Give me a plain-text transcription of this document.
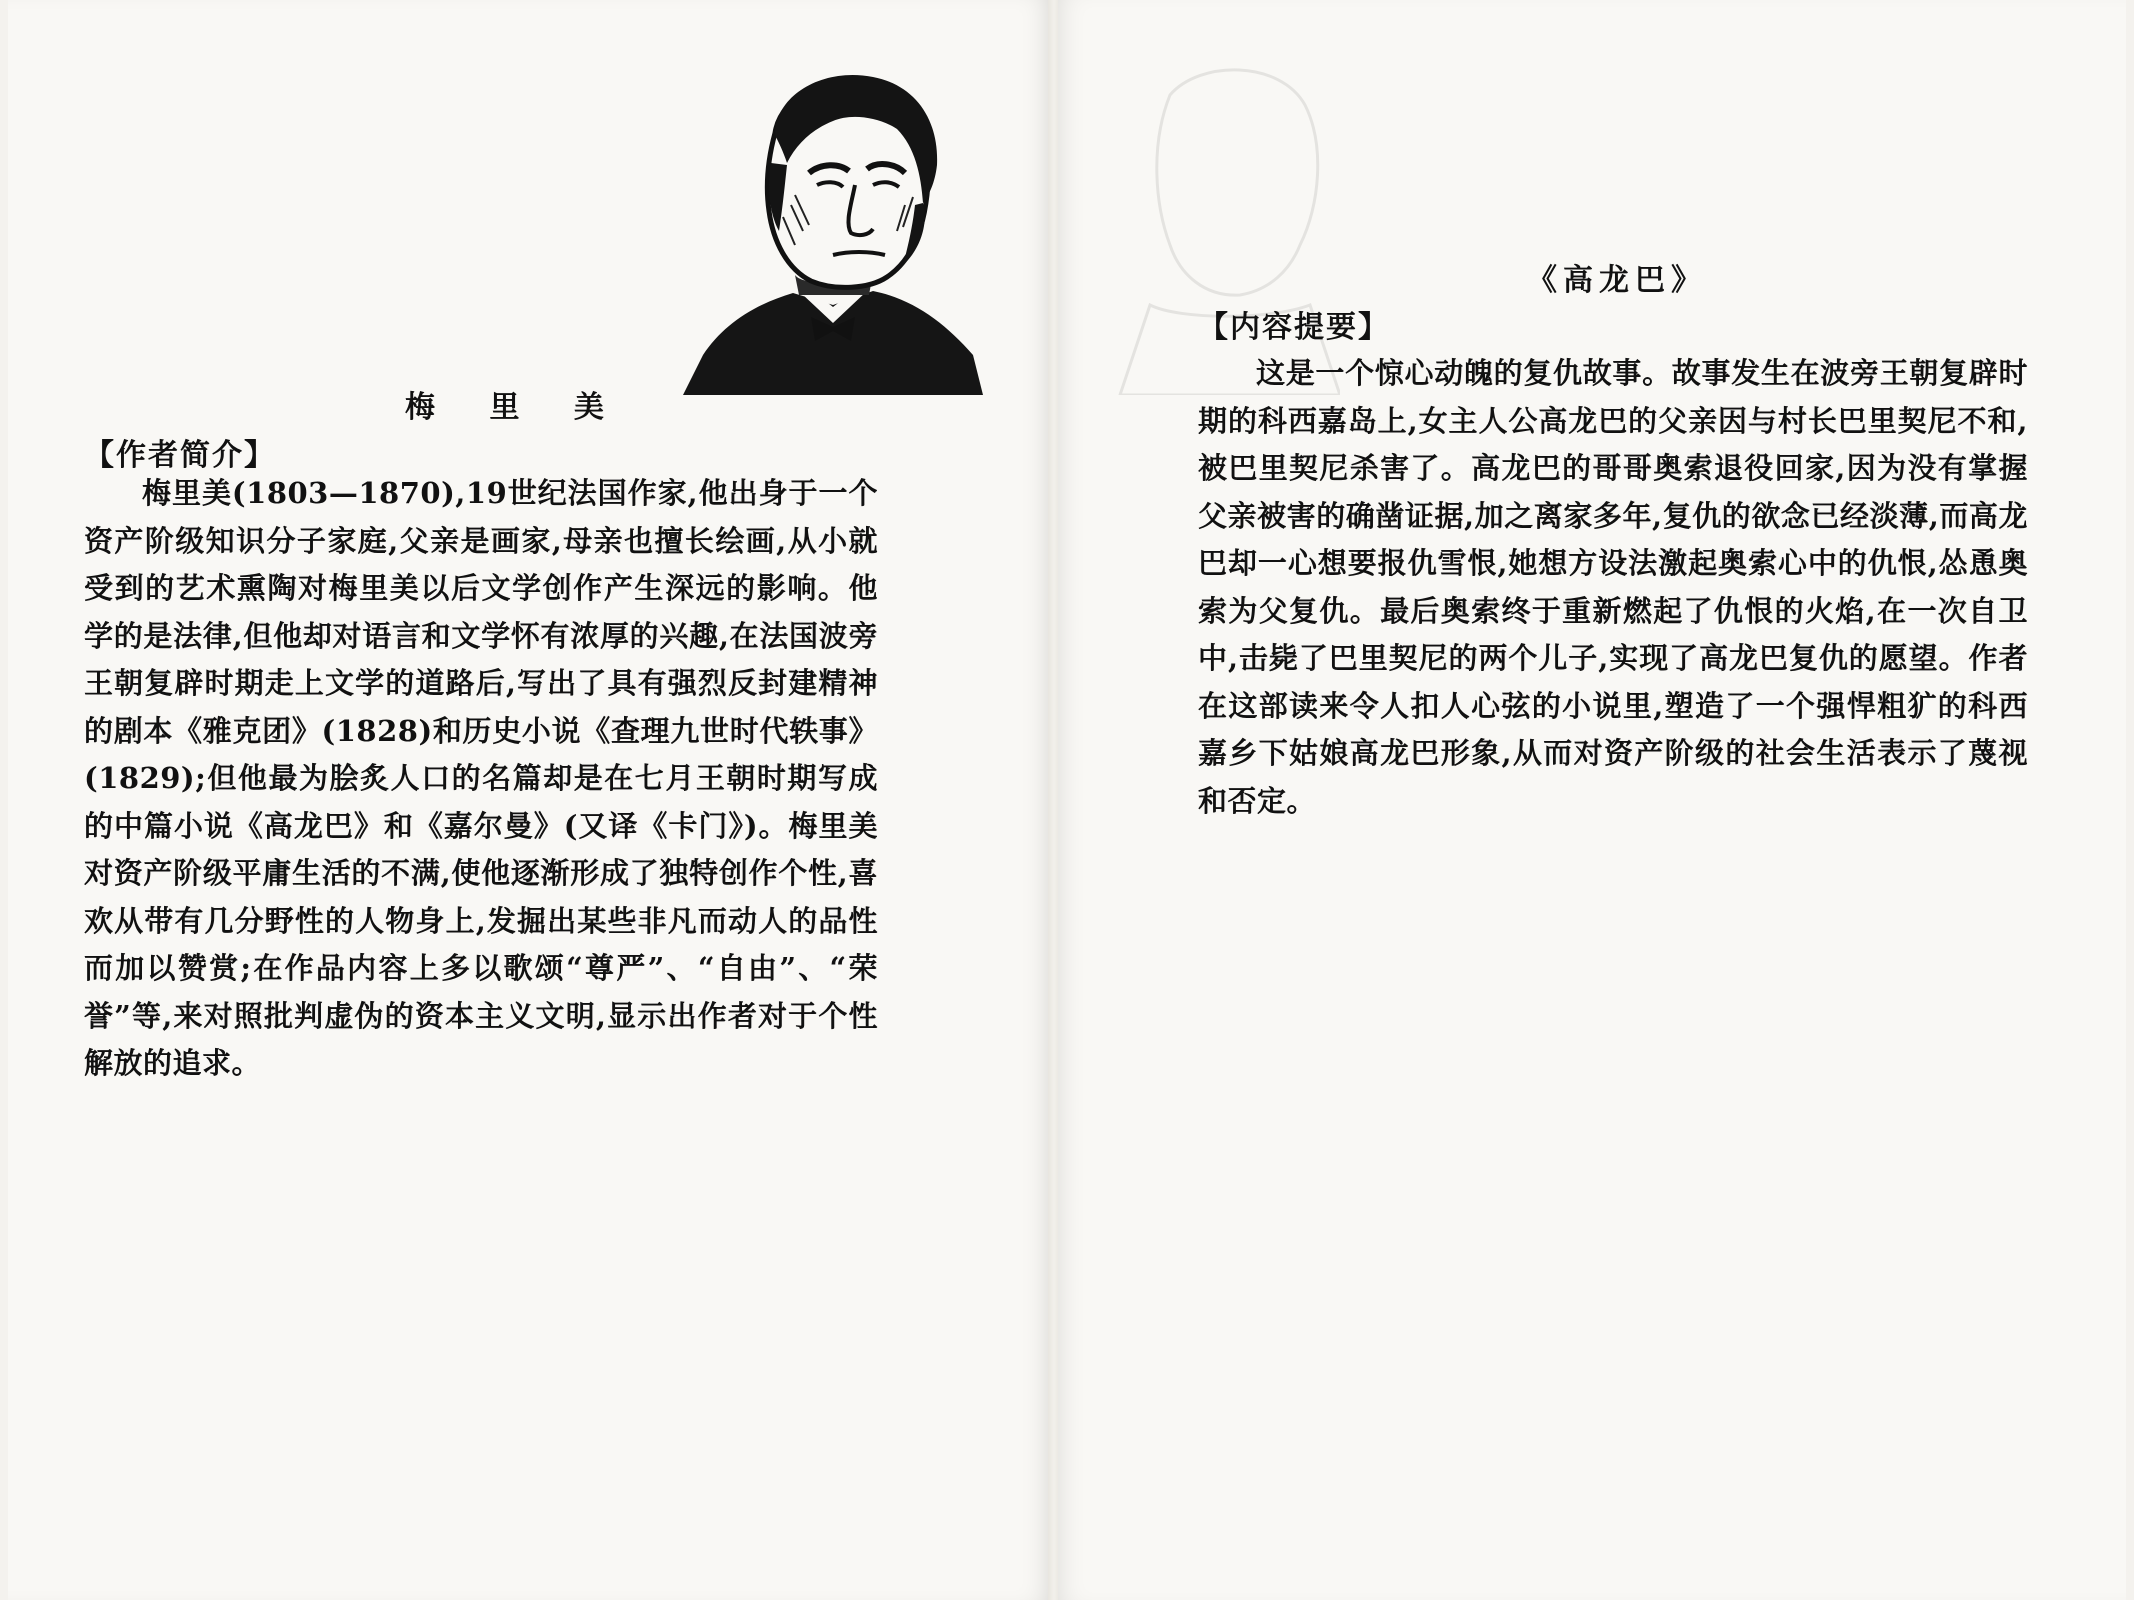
梅 里 美
【作者简介】
梅里美(1803—1870),19世纪法国作家,他出身于一个资产阶级知识分子家庭,父亲是画家,母亲也擅长绘画,从小就受到的艺术熏陶对梅里美以后文学创作产生深远的影响。他学的是法律,但他却对语言和文学怀有浓厚的兴趣,在法国波旁王朝复辟时期走上文学的道路后,写出了具有强烈反封建精神的剧本《雅克团》(1828)和历史小说《查理九世时代轶事》(1829);但他最为脍炙人口的名篇却是在七月王朝时期写成的中篇小说《高龙巴》和《嘉尔曼》(又译《卡门》)。梅里美对资产阶级平庸生活的不满,使他逐渐形成了独特创作个性,喜欢从带有几分野性的人物身上,发掘出某些非凡而动人的品性而加以赞赏;在作品内容上多以歌颂“尊严”、“自由”、“荣誉”等,来对照批判虚伪的资本主义文明,显示出作者对于个性解放的追求。
《高龙巴》
【内容提要】
这是一个惊心动魄的复仇故事。故事发生在波旁王朝复辟时期的科西嘉岛上,女主人公高龙巴的父亲因与村长巴里契尼不和,被巴里契尼杀害了。高龙巴的哥哥奥索退役回家,因为没有掌握父亲被害的确凿证据,加之离家多年,复仇的欲念已经淡薄,而高龙巴却一心想要报仇雪恨,她想方设法激起奥索心中的仇恨,怂恿奥索为父复仇。最后奥索终于重新燃起了仇恨的火焰,在一次自卫中,击毙了巴里契尼的两个儿子,实现了高龙巴复仇的愿望。作者在这部读来令人扣人心弦的小说里,塑造了一个强悍粗犷的科西嘉乡下姑娘高龙巴形象,从而对资产阶级的社会生活表示了蔑视和否定。
